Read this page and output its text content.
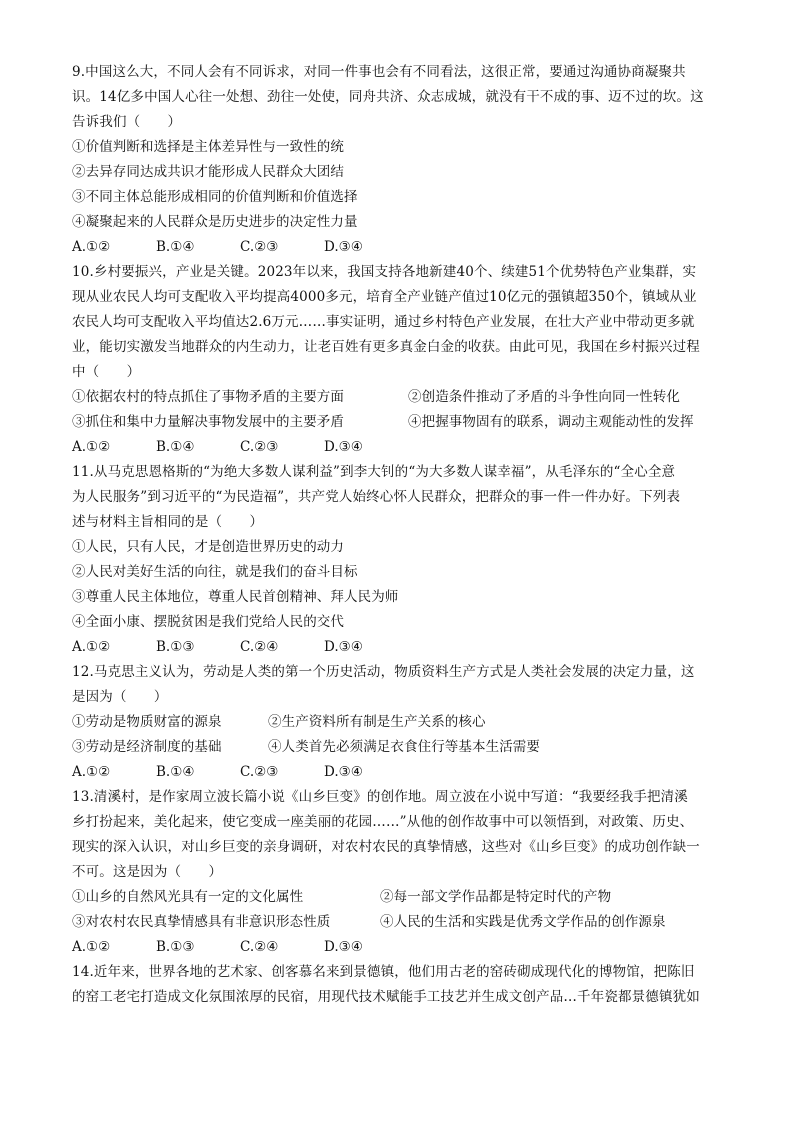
9.中国这么大，不同人会有不同诉求，对同一件事也会有不同看法，这很正常，要通过沟通协商凝聚共
识。14亿多中国人心往一处想、劲往一处使，同舟共济、众志成城，就没有干不成的事、迈不过的坎。这
告诉我们（　　）
①价值判断和选择是主体差异性与一致性的统
②去异存同达成共识才能形成人民群众大团结
③不同主体总能形成相同的价值判断和价值选择
④凝聚起来的人民群众是历史进步的决定性力量
A.①②	B.①④	C.②③	D.③④
10.乡村要振兴，产业是关键。2023年以来，我国支持各地新建40个、续建51个优势特色产业集群，实
现从业农民人均可支配收入平均提高4000多元，培育全产业链产值过10亿元的强镇超350个，镇域从业
农民人均可支配收入平均值达2.6万元……事实证明，通过乡村特色产业发展，在壮大产业中带动更多就
业，能切实激发当地群众的内生动力，让老百姓有更多真金白金的收获。由此可见，我国在乡村振兴过程
中（　　）
①依据农村的特点抓住了事物矛盾的主要方面	②创造条件推动了矛盾的斗争性向同一性转化
③抓住和集中力量解决事物发展中的主要矛盾	④把握事物固有的联系，调动主观能动性的发挥
A.①②	B.①④	C.②③	D.③④
11.从马克思恩格斯的“为绝大多数人谋利益”到李大钊的“为大多数人谋幸福”，从毛泽东的“全心全意
为人民服务”到习近平的“为民造福”，共产党人始终心怀人民群众，把群众的事一件一件办好。下列表
述与材料主旨相同的是（　　）
①人民，只有人民，才是创造世界历史的动力
②人民对美好生活的向往，就是我们的奋斗目标
③尊重人民主体地位，尊重人民首创精神、拜人民为师
④全面小康、摆脱贫困是我们党给人民的交代
A.①②	B.①③	C.②④	D.③④
12.马克思主义认为，劳动是人类的第一个历史活动，物质资料生产方式是人类社会发展的决定力量，这
是因为（　　）
①劳动是物质财富的源泉	②生产资料所有制是生产关系的核心
③劳动是经济制度的基础	④人类首先必须满足衣食住行等基本生活需要
A.①②	B.①④	C.②③	D.③④
13.清溪村，是作家周立波长篇小说《山乡巨变》的创作地。周立波在小说中写道：“我要经我手把清溪
乡打扮起来，美化起来，使它变成一座美丽的花园……”从他的创作故事中可以领悟到，对政策、历史、
现实的深入认识，对山乡巨变的亲身调研，对农村农民的真挚情感，这些对《山乡巨变》的成功创作缺一
不可。这是因为（　　）
①山乡的自然风光具有一定的文化属性	②每一部文学作品都是特定时代的产物
③对农村农民真挚情感具有非意识形态性质	④人民的生活和实践是优秀文学作品的创作源泉
A.①②	B.①③	C.②④	D.③④
14.近年来，世界各地的艺术家、创客慕名来到景德镇，他们用古老的窑砖砌成现代化的博物馆，把陈旧
的窑工老宅打造成文化氛围浓厚的民宿，用现代技术赋能手工技艺并生成文创产品…千年瓷都景德镇犹如
